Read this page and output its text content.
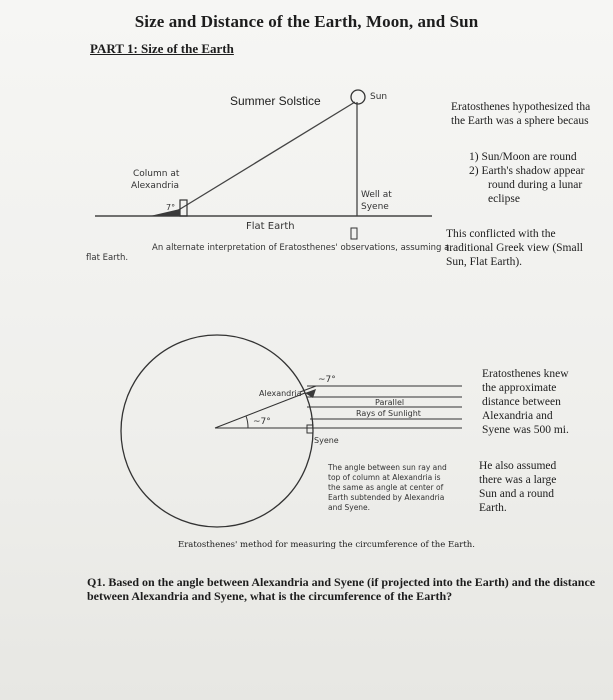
Size and Distance of the Earth, Moon, and Sun
PART 1: Size of the Earth
Summer Solstice	Sun
Column at
Alexandria
7°
Well at
Syene
Flat Earth
An alternate interpretation of Eratosthenes' observations, assuming a
flat Earth.
Eratosthenes hypothesized tha
the Earth was a sphere becaus
1) Sun/Moon are round
2) Earth's shadow appear
round during a lunar
eclipse
This conflicted with the
traditional Greek view (Small
Sun, Flat Earth).
Alexandria
~7°
~7°
Parallel
Rays of Sunlight
Syene
The angle between sun ray and
top of column at Alexandria is
the same as angle at center of
Earth subtended by Alexandria
and Syene.
Eratosthenes' method for measuring the circumference of the Earth.
Eratosthenes knew
the approximate
distance between
Alexandria and
Syene was 500 mi.
He also assumed
there was a large
Sun and a round
Earth.
Q1. Based on the angle between Alexandria and Syene (if projected into the Earth) and the distance between Alexandria and Syene, what is the circumference of the Earth?
